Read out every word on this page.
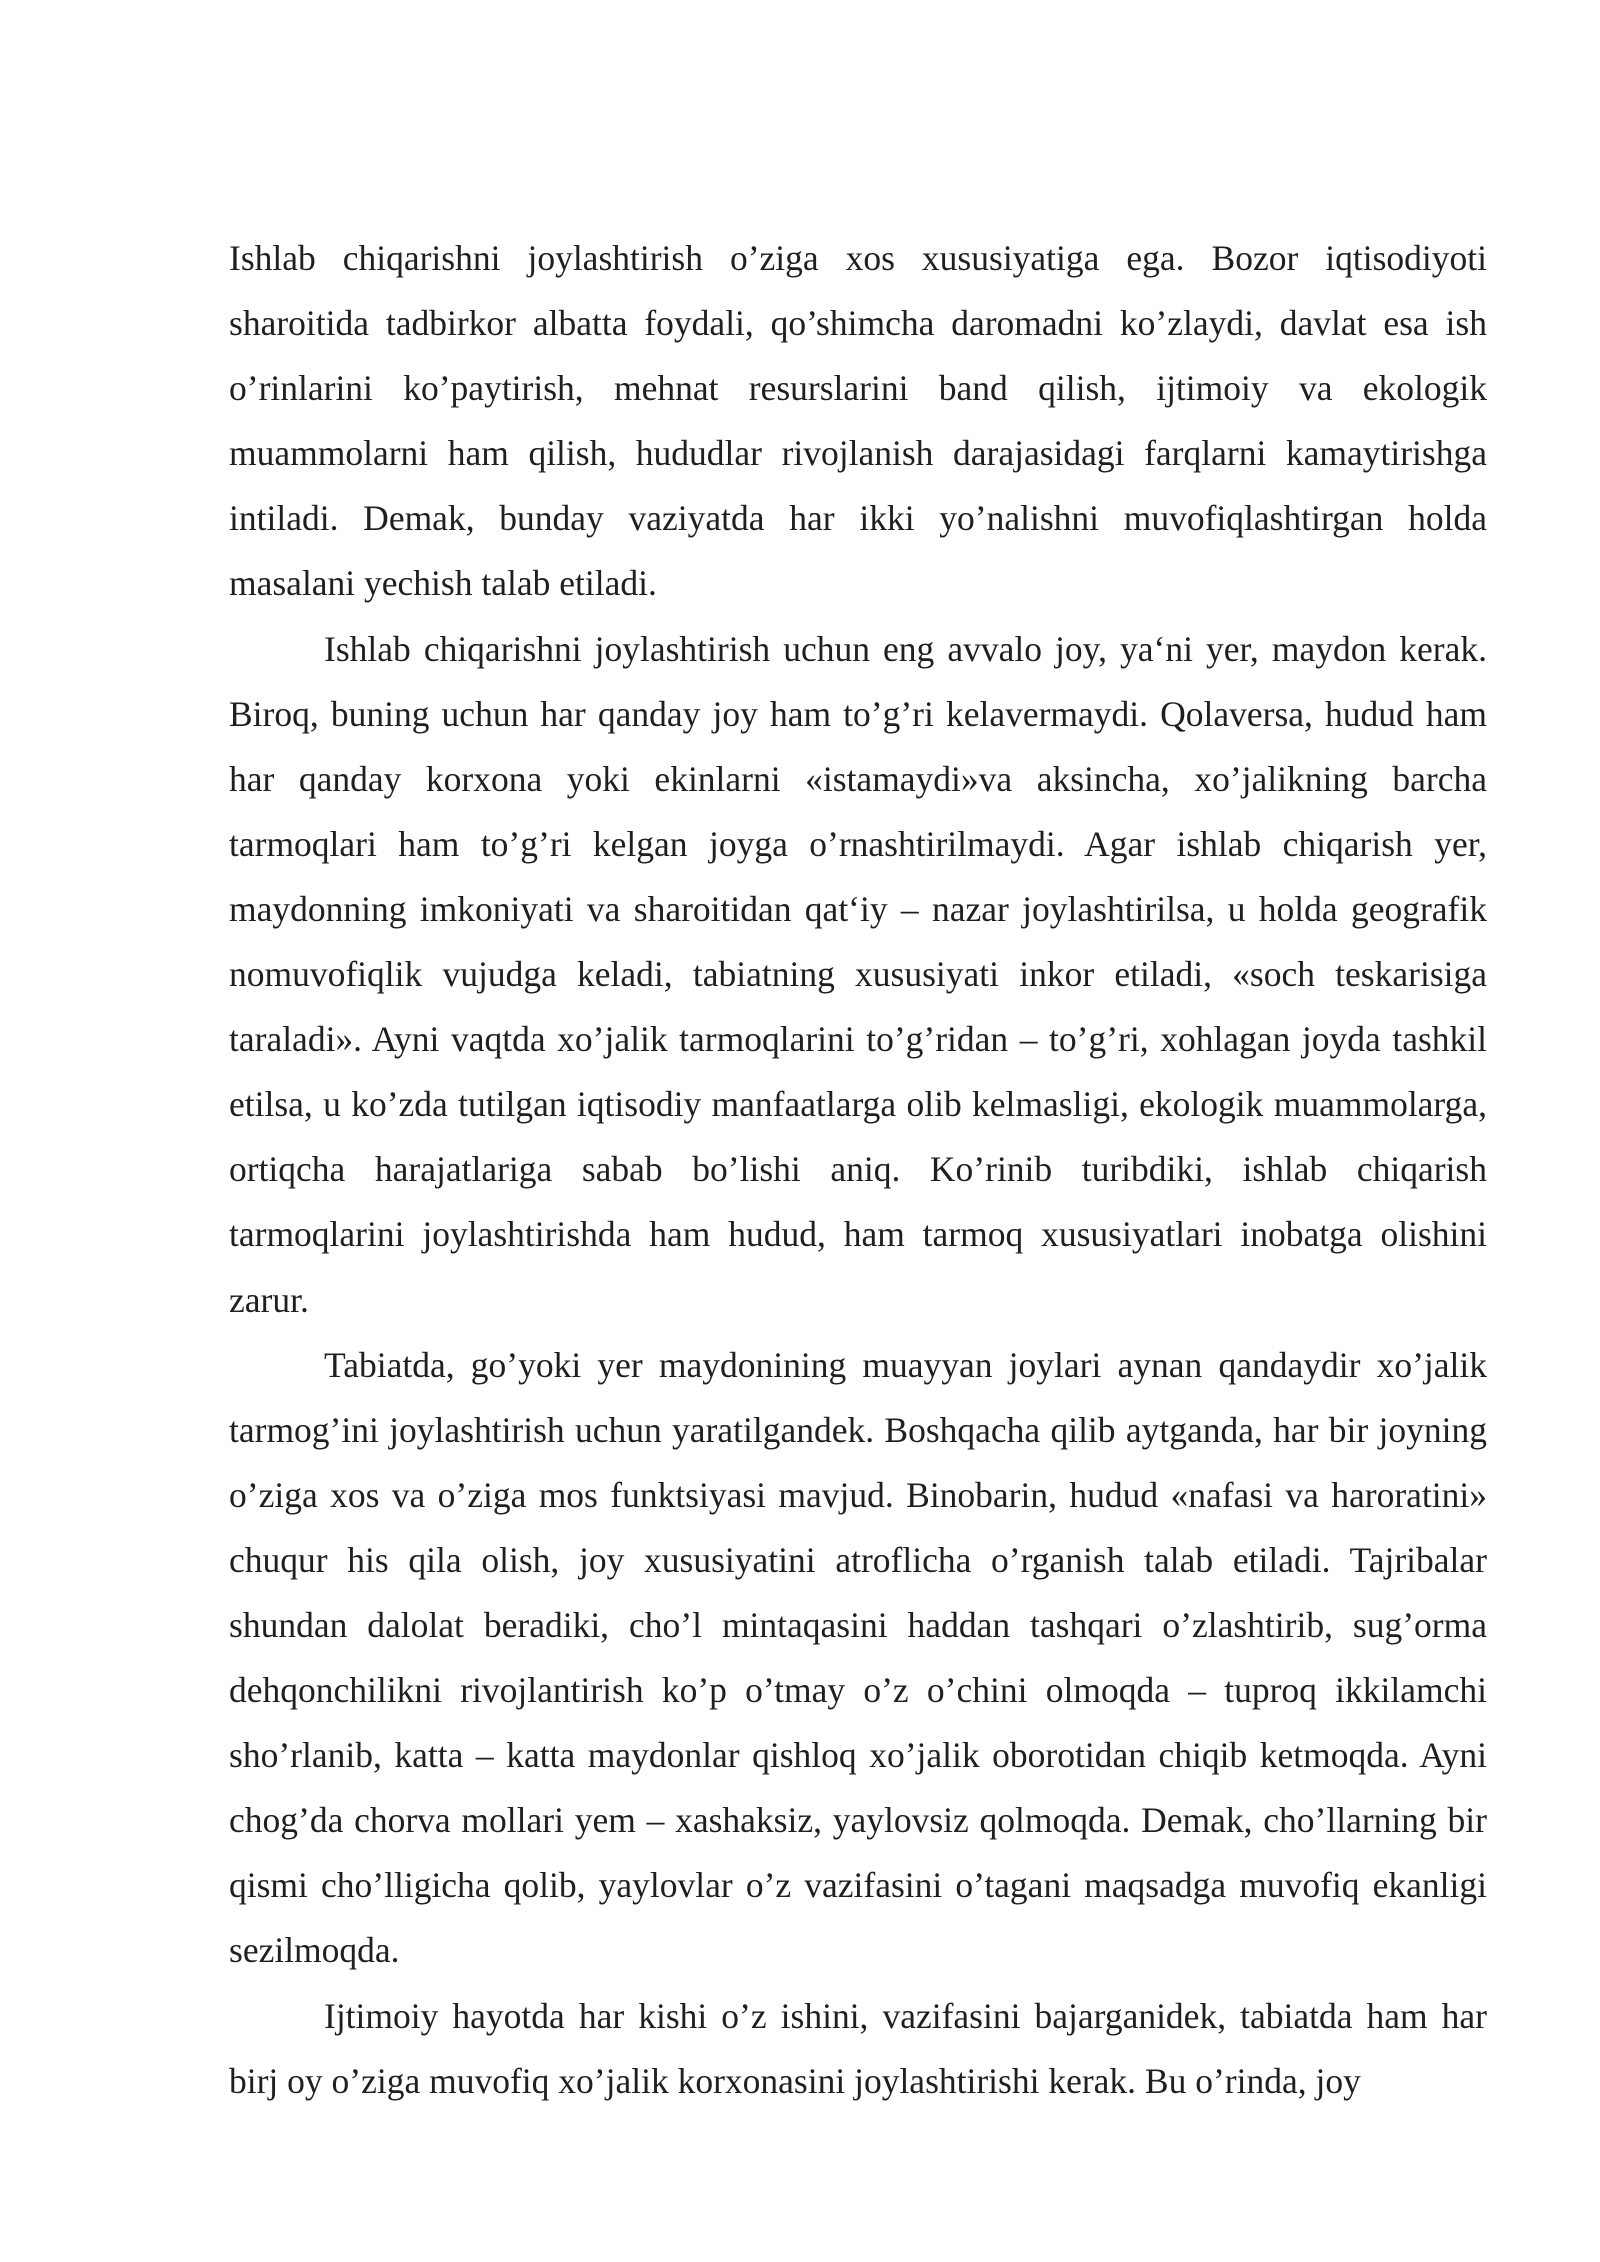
Ishlab chiqarishni joylashtirish o’ziga xos xususiyatiga ega. Bozor iqtisodiyoti sharoitida tadbirkor albatta foydali, qo’shimcha daromadni ko’zlaydi, davlat esa ish o’rinlarini ko’paytirish, mehnat resurslarini band qilish, ijtimoiy va ekologik muammolarni ham qilish, hududlar rivojlanish darajasidagi farqlarni kamaytirishga intiladi. Demak, bunday vaziyatda har ikki yo’nalishni muvofiqlashtirgan holda masalani yechish talab etiladi.

Ishlab chiqarishni joylashtirish uchun eng avvalo joy, ya‘ni yer, maydon kerak. Biroq, buning uchun har qanday joy ham to’g’ri kelavermaydi. Qolaversa, hudud ham har qanday korxona yoki ekinlarni «istamaydi»va aksincha, xo’jalikning barcha tarmoqlari ham to’g’ri kelgan joyga o’rnashtirilmaydi. Agar ishlab chiqarish yer, maydonning imkoniyati va sharoitidan qat‘iy – nazar joylashtirilsa, u holda geografik nomuvofiqlik vujudga keladi, tabiatning xususiyati inkor etiladi, «soch teskarisiga taraladi». Ayni vaqtda xo’jalik tarmoqlarini to’g’ridan – to’g’ri, xohlagan joyda tashkil etilsa, u ko’zda tutilgan iqtisodiy manfaatlarga olib kelmasligi, ekologik muammolarga, ortiqcha harajatlariga sabab bo’lishi aniq. Ko’rinib turibdiki, ishlab chiqarish tarmoqlarini joylashtirishda ham hudud, ham tarmoq xususiyatlari inobatga olishini zarur.

Tabiatda, go’yoki yer maydonining muayyan joylari aynan qandaydir xo’jalik tarmog’ini joylashtirish uchun yaratilgandek. Boshqacha qilib aytganda, har bir joyning o’ziga xos va o’ziga mos funktsiyasi mavjud. Binobarin, hudud «nafasi va haroratini» chuqur his qila olish, joy xususiyatini atroflicha o’rganish talab etiladi. Tajribalar shundan dalolat beradiki, cho’l mintaqasini haddan tashqari o’zlashtirib, sug’orma dehqonchilikni rivojlantirish ko’p o’tmay o’z o’chini olmoqda – tuproq ikkilamchi sho’rlanib, katta – katta maydonlar qishloq xo’jalik oborotidan chiqib ketmoqda. Ayni chog’da chorva mollari yem – xashaksiz, yaylovsiz qolmoqda. Demak, cho’llarning bir qismi cho’lligicha qolib, yaylovlar o’z vazifasini o’tagani maqsadga muvofiq ekanligi sezilmoqda.

Ijtimoiy hayotda har kishi o’z ishini, vazifasini bajarganidek, tabiatda ham har birj oy o’ziga muvofiq xo’jalik korxonasini joylashtirishi kerak. Bu o’rinda, joy
